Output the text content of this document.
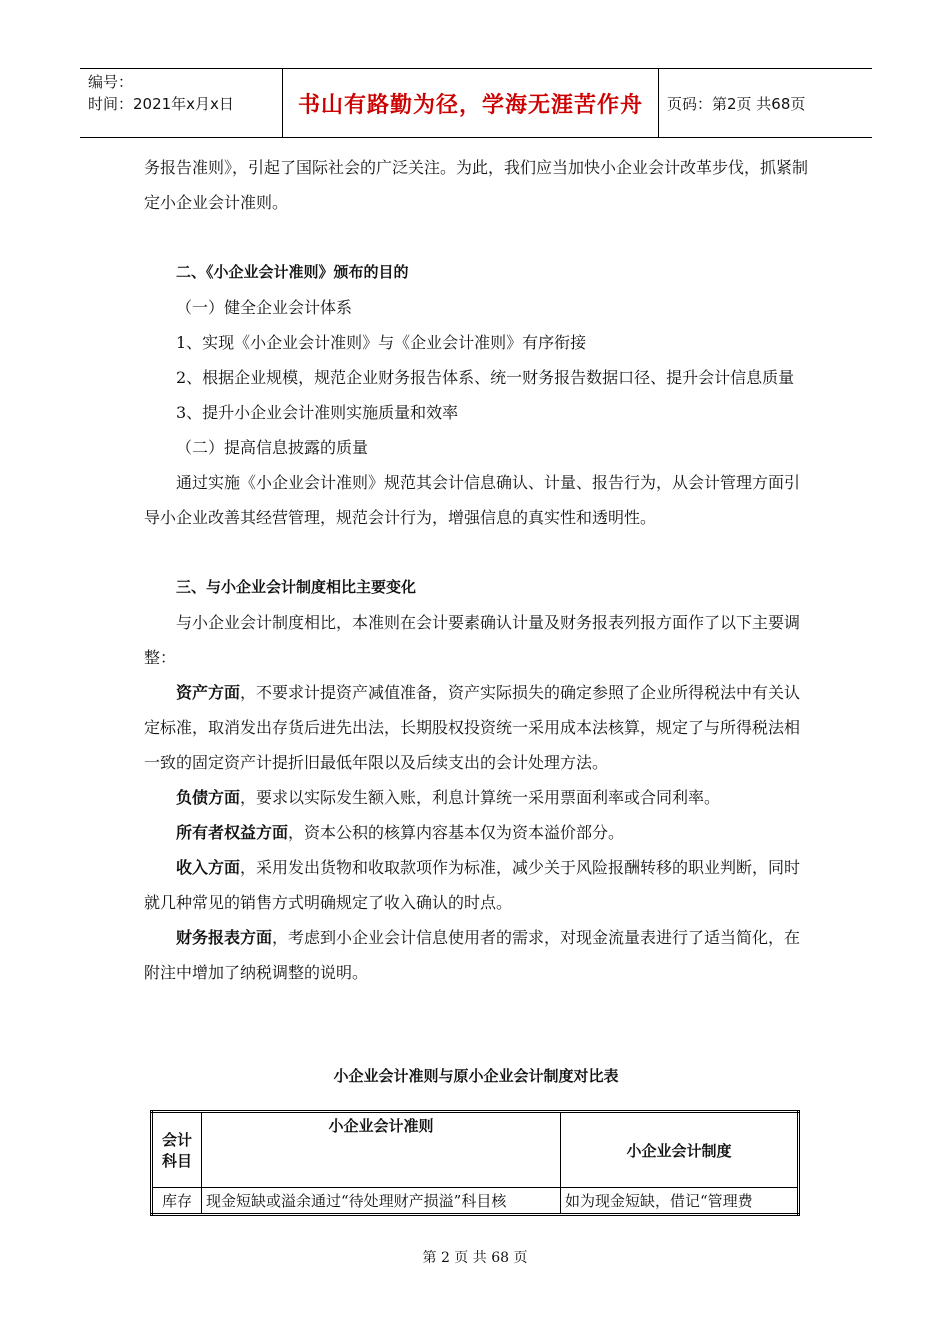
编号：
时间：2021年x月x日	书山有路勤为径，学海无涯苦作舟	页码：第2页 共68页

务报告准则》，引起了国际社会的广泛关注。为此，我们应当加快小企业会计改革步伐，抓紧制定小企业会计准则。

二、《小企业会计准则》颁布的目的

（一）健全企业会计体系

1、实现《小企业会计准则》与《企业会计准则》有序衔接

2、根据企业规模，规范企业财务报告体系、统一财务报告数据口径、提升会计信息质量

3、提升小企业会计准则实施质量和效率

（二）提高信息披露的质量

通过实施《小企业会计准则》规范其会计信息确认、计量、报告行为，从会计管理方面引导小企业改善其经营管理，规范会计行为，增强信息的真实性和透明性。

三、与小企业会计制度相比主要变化

与小企业会计制度相比，本准则在会计要素确认计量及财务报表列报方面作了以下主要调整：

资产方面，不要求计提资产减值准备，资产实际损失的确定参照了企业所得税法中有关认定标准，取消发出存货后进先出法，长期股权投资统一采用成本法核算，规定了与所得税法相一致的固定资产计提折旧最低年限以及后续支出的会计处理方法。

负债方面，要求以实际发生额入账，利息计算统一采用票面利率或合同利率。

所有者权益方面，资本公积的核算内容基本仅为资本溢价部分。

收入方面，采用发出货物和收取款项作为标准，减少关于风险报酬转移的职业判断，同时就几种常见的销售方式明确规定了收入确认的时点。

财务报表方面，考虑到小企业会计信息使用者的需求，对现金流量表进行了适当简化，在附注中增加了纳税调整的说明。

小企业会计准则与原小企业会计制度对比表
会计科目	小企业会计准则	小企业会计制度
库存	现金短缺或溢余通过“待处理财产损溢”科目核	如为现金短缺，借记“管理费
第 2 页 共 68 页
